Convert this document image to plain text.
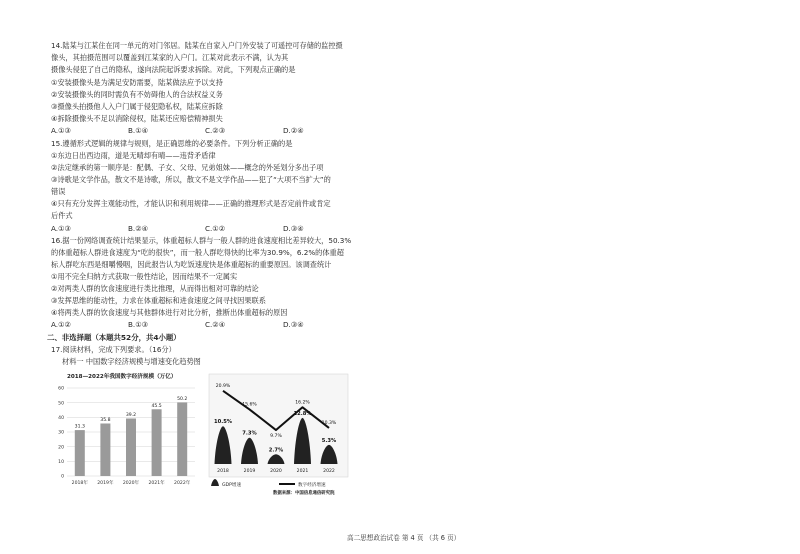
14.陆某与江某住在同一单元的对门邻居。陆某在自家入户门外安装了可遥控可存储的监控摄
像头，其拍摄范围可以覆盖到江某家的入户门。江某对此表示不满，认为其
摄像头侵犯了自己的隐私，遂向法院起诉要求拆除。对此，下列观点正确的是
①安装摄像头是为满足安防需要，陆某做法应予以支持
②安装摄像头的同时需负有不妨碍他人的合法权益义务
③摄像头拍摄他人入户门属于侵犯隐私权，陆某应拆除
④拆除摄像头不足以消除侵权，陆某还应赔偿精神损失
A.①③	B.①④	C.②③	D.②④
15.遵循形式逻辑的规律与规则，是正确思维的必要条件。下列分析正确的是
①东边日出西边雨，道是无晴却有晴——违背矛盾律
②法定继承的第一顺序是：配偶、子女、父母、兄弟姐妹——概念的外延划分多出子项
③诗歌是文学作品，散文不是诗歌，所以，散文不是文学作品——犯了“大项不当扩大”的
错误
④只有充分发挥主观能动性，才能认识和利用规律——正确的推理形式是否定前件或肯定
后件式
A.①③	B.②④	C.①②	D.③④
16.据一份网络调查统计结果显示，体重超标人群与一般人群的进食速度相比差异较大，50.3%
的体重超标人群进食速度为“吃的很快”，而一般人群吃得快的比率为30.9%，6.2%的体重超
标人群吃东西是细嚼慢咽，因此报告认为吃饭速度快是体重超标的重要原因。该调查统计
①用不完全归纳方式获取一般性结论，因而结果不一定属实
②对两类人群的饮食速度进行类比推理，从而得出相对可靠的结论
③发挥思维的能动性，力求在体重超标和进食速度之间寻找因果联系
④将两类人群的饮食速度与其他群体进行对比分析，推断出体重超标的原因
A.①②	B.①③	C.②④	D.③④
二、非选择题（本题共52分，共4小题）
17.阅读材料，完成下列要求。（16分）
材料一 中国数字经济规模与增速变化趋势图
2018—2022年我国数字经济规模（万亿）
0
10
20
30
40
50
60
31.3
35.8
39.2
45.5
50.2
2018年 2019年 2020年 2021年 2022年
10.5%
7.3%
2.7%
12.8%
5.3%
20.9%
15.6%
9.7%
16.2%
10.3%
2018	2019	2020	2021	2022
GDP增速	数字经济增速
数据来源：中国信息通信研究院
高二思想政治试卷 第 4 页 （共 6 页）
